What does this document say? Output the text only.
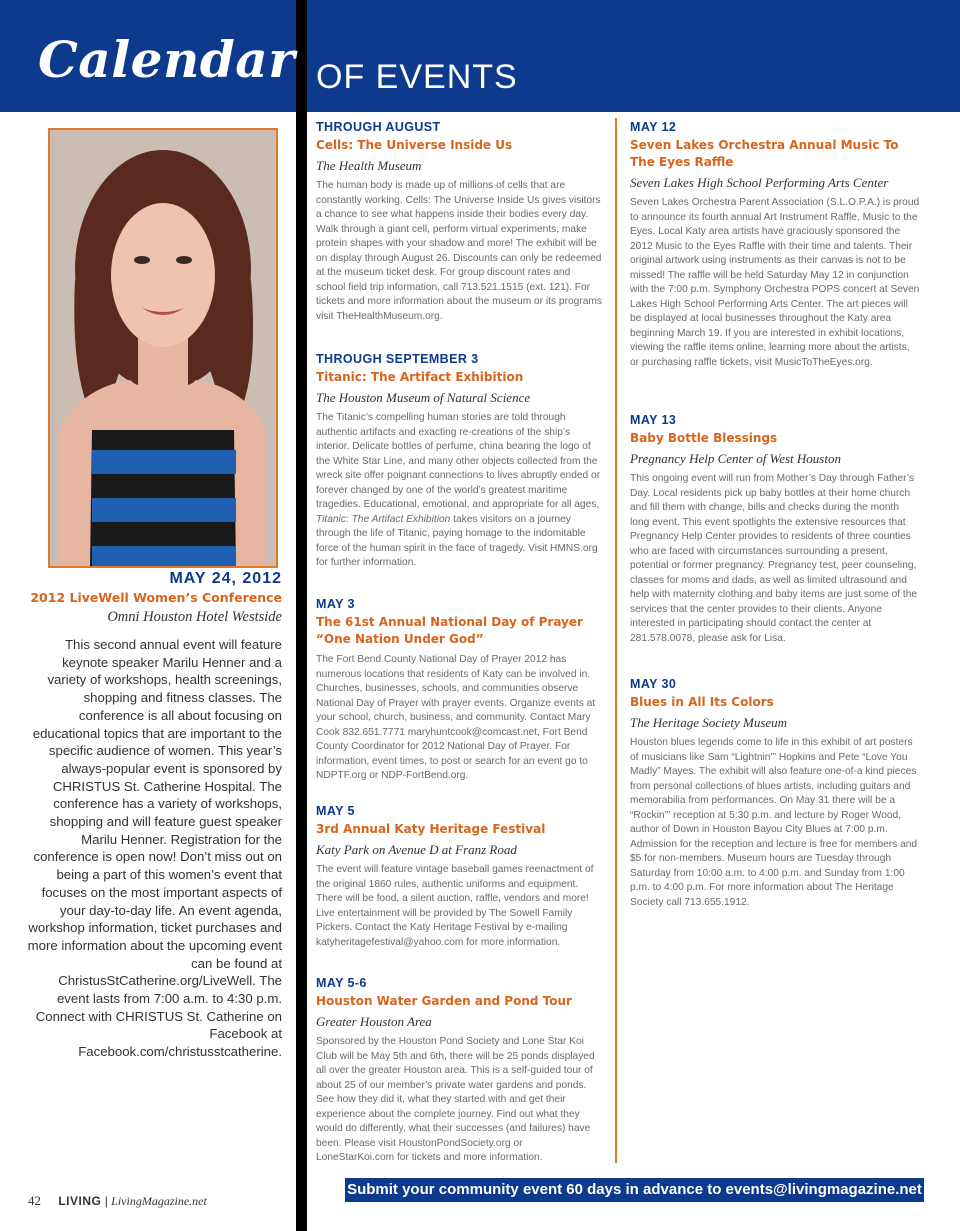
Calendar OF EVENTS
MAY 24, 2012
2012 LiveWell Women’s Conference
Omni Houston Hotel Westside
This second annual event will feature keynote speaker Marilu Henner and a variety of workshops, health screenings, shopping and fitness classes. The conference is all about focusing on educational topics that are important to the specific audience of women. This year’s always-popular event is sponsored by CHRISTUS St. Catherine Hospital. The conference has a variety of workshops, shopping and will feature guest speaker Marilu Henner. Registration for the conference is open now! Don’t miss out on being a part of this women’s event that focuses on the most important aspects of your day-to-day life. An event agenda, workshop information, ticket purchases and more information about the upcoming event can be found at ChristusStCatherine.org/LiveWell. The event lasts from 7:00 a.m. to 4:30 p.m. Connect with CHRISTUS St. Catherine on Facebook at Facebook.com/christusstcatherine.
THROUGH AUGUST
Cells: The Universe Inside Us
The Health Museum
The human body is made up of millions of cells that are constantly working. Cells: The Universe Inside Us gives visitors a chance to see what happens inside their bodies every day. Walk through a giant cell, perform virtual experiments, make protein shapes with your shadow and more! The exhibit will be on display through August 26. Discounts can only be redeemed at the museum ticket desk. For group discount rates and school field trip information, call 713.521.1515 (ext. 121). For tickets and more information about the museum or its programs visit TheHealthMuseum.org.
THROUGH SEPTEMBER 3
Titanic: The Artifact Exhibition
The Houston Museum of Natural Science
The Titanic’s compelling human stories are told through authentic artifacts and exacting re-creations of the ship’s interior. Delicate bottles of perfume, china bearing the logo of the White Star Line, and many other objects collected from the wreck site offer poignant connections to lives abruptly ended or forever changed by one of the world’s greatest maritime tragedies. Educational, emotional, and appropriate for all ages, Titanic: The Artifact Exhibition takes visitors on a journey through the life of Titanic, paying homage to the indomitable force of the human spirit in the face of tragedy. Visit HMNS.org for further information.
MAY 3
The 61st Annual National Day of Prayer “One Nation Under God”
The Fort Bend County National Day of Prayer 2012 has numerous locations that residents of Katy can be involved in. Churches, businesses, schools, and communities observe National Day of Prayer with prayer events. Organize events at your school, church, business, and community. Contact Mary Cook 832.651.7771 maryhuntcook@comcast.net, Fort Bend County Coordinator for 2012 National Day of Prayer. For information, event times, to post or search for an event go to NDPTF.org or NDP-FortBend.org.
MAY 5
3rd Annual Katy Heritage Festival
Katy Park on Avenue D at Franz Road
The event will feature vintage baseball games reenactment of the original 1860 rules, authentic uniforms and equipment. There will be food, a silent auction, raffle, vendors and more! Live entertainment will be provided by The Sowell Family Pickers. Contact the Katy Heritage Festival by e-mailing katyheritagefestival@yahoo.com for more information.
MAY 5-6
Houston Water Garden and Pond Tour
Greater Houston Area
Sponsored by the Houston Pond Society and Lone Star Koi Club will be May 5th and 6th, there will be 25 ponds displayed all over the greater Houston area. This is a self-guided tour of about 25 of our member’s private water gardens and ponds. See how they did it, what they started with and get their experience about the complete journey. Find out what they would do differently, what their successes (and failures) have been. Please visit HoustonPondSociety.org or LoneStarKoi.com for tickets and more information.
MAY 12
Seven Lakes Orchestra Annual Music To The Eyes Raffle
Seven Lakes High School Performing Arts Center
Seven Lakes Orchestra Parent Association (S.L.O.P.A.) is proud to announce its fourth annual Art Instrument Raffle, Music to the Eyes. Local Katy area artists have graciously sponsored the 2012 Music to the Eyes Raffle with their time and talents. Their original artwork using instruments as their canvas is not to be missed! The raffle will be held Saturday May 12 in conjunction with the 7:00 p.m. Symphony Orchestra POPS concert at Seven Lakes High School Performing Arts Center. The art pieces will be displayed at local businesses throughout the Katy area beginning March 19. If you are interested in exhibit locations, viewing the raffle items online, learning more about the artists, or purchasing raffle tickets, visit MusicToTheEyes.org.
MAY 13
Baby Bottle Blessings
Pregnancy Help Center of West Houston
This ongoing event will run from Mother’s Day through Father’s Day. Local residents pick up baby bottles at their home church and fill them with change, bills and checks during the month long event. This event spotlights the extensive resources that Pregnancy Help Center provides to residents of three counties who are faced with circumstances surrounding a present, potential or former pregnancy. Pregnancy test, peer counseling, classes for moms and dads, as well as limited ultrasound and help with maternity clothing and baby items are just some of the services that the center provides to their clients. Anyone interested in participating should contact the center at 281.578.0078, please ask for Lisa.
MAY 30
Blues in All Its Colors
The Heritage Society Museum
Houston blues legends come to life in this exhibit of art posters of musicians like Sam “Lightnin’” Hopkins and Pete “Love You Madly” Mayes. The exhibit will also feature one-of-a kind pieces from personal collections of blues artists, including guitars and memorabilia from performances. On May 31 there will be a “Rockin’” reception at 5:30 p.m. and lecture by Roger Wood, author of Down in Houston Bayou City Blues at 7:00 p.m. Admission for the reception and lecture is free for members and $5 for non-members. Museum hours are Tuesday through Saturday from 10:00 a.m. to 4:00 p.m. and Sunday from 1:00 p.m. to 4:00 p.m. For more information about The Heritage Society call 713.655.1912.
42 LIVING | LivingMagazine.net
Submit your community event 60 days in advance to events@livingmagazine.net
